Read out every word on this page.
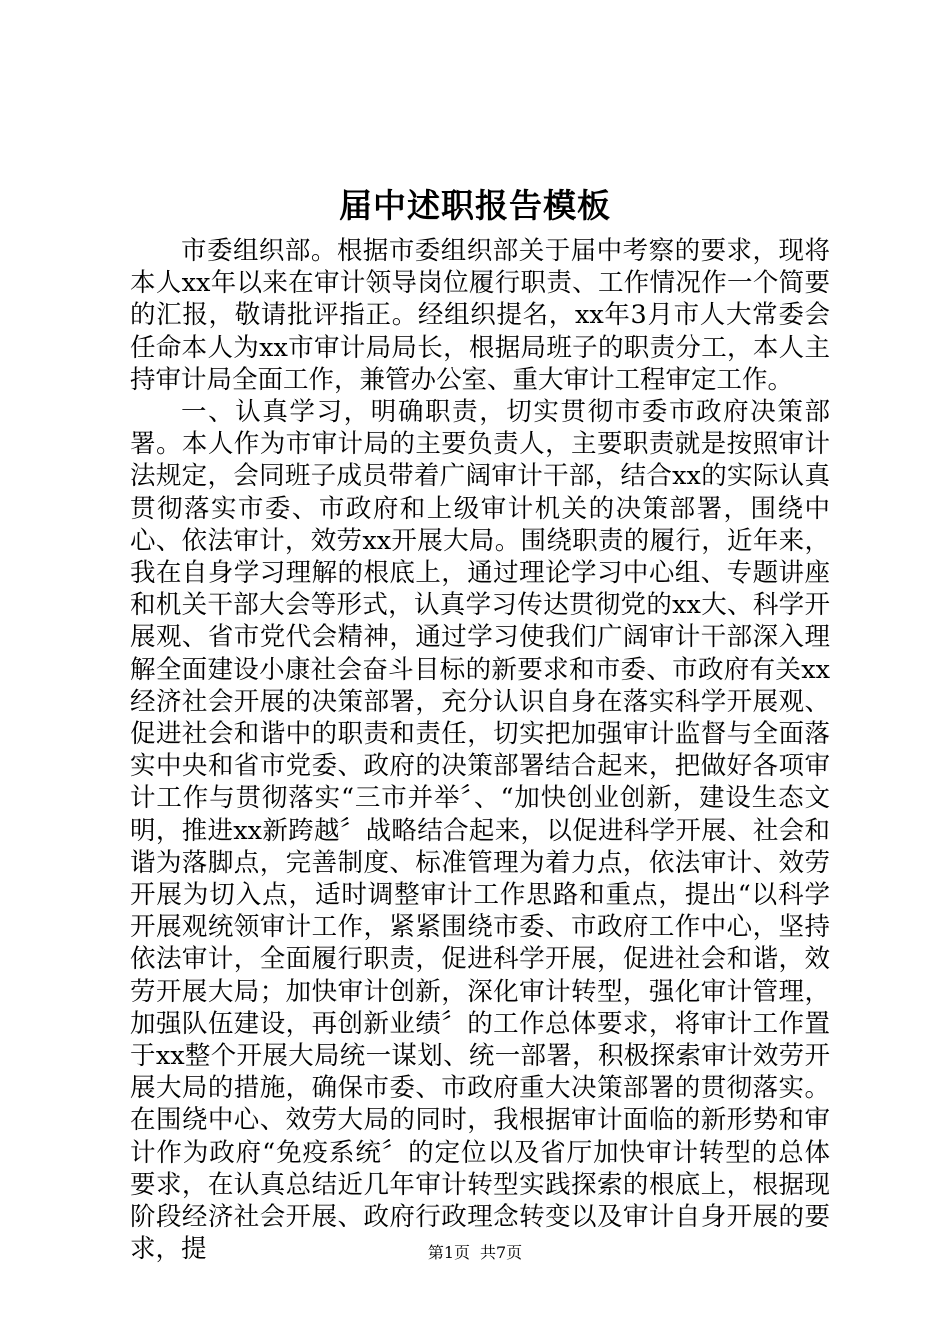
届中述职报告模板

市委组织部。根据市委组织部关于届中考察的要求，现将本人xx年以来在审计领导岗位履行职责、工作情况作一个简要的汇报，敬请批评指正。经组织提名，xx年3月市人大常委会任命本人为xx市审计局局长，根据局班子的职责分工，本人主持审计局全面工作，兼管办公室、重大审计工程审定工作。

一、认真学习，明确职责，切实贯彻市委市政府决策部署。本人作为市审计局的主要负责人，主要职责就是按照审计法规定，会同班子成员带着广阔审计干部，结合xx的实际认真贯彻落实市委、市政府和上级审计机关的决策部署，围绕中心、依法审计，效劳xx开展大局。围绕职责的履行，近年来，我在自身学习理解的根底上，通过理论学习中心组、专题讲座和机关干部大会等形式，认真学习传达贯彻党的xx大、科学开展观、省市党代会精神，通过学习使我们广阔审计干部深入理解全面建设小康社会奋斗目标的新要求和市委、市政府有关xx经济社会开展的决策部署，充分认识自身在落实科学开展观、促进社会和谐中的职责和责任，切实把加强审计监督与全面落实中央和省市党委、政府的决策部署结合起来，把做好各项审计工作与贯彻落实“三市并举〞、“加快创业创新，建设生态文明，推进xx新跨越〞战略结合起来，以促进科学开展、社会和谐为落脚点，完善制度、标准管理为着力点，依法审计、效劳开展为切入点，适时调整审计工作思路和重点，提出“以科学开展观统领审计工作，紧紧围绕市委、市政府工作中心，坚持依法审计，全面履行职责，促进科学开展，促进社会和谐，效劳开展大局；加快审计创新，深化审计转型，强化审计管理，加强队伍建设，再创新业绩〞的工作总体要求，将审计工作置于xx整个开展大局统一谋划、统一部署，积极探索审计效劳开展大局的措施，确保市委、市政府重大决策部署的贯彻落实。在围绕中心、效劳大局的同时，我根据审计面临的新形势和审计作为政府“免疫系统〞的定位以及省厅加快审计转型的总体要求，在认真总结近几年审计转型实践探索的根底上，根据现阶段经济社会开展、政府行政理念转变以及审计自身开展的要求，提	第1页 共7页
